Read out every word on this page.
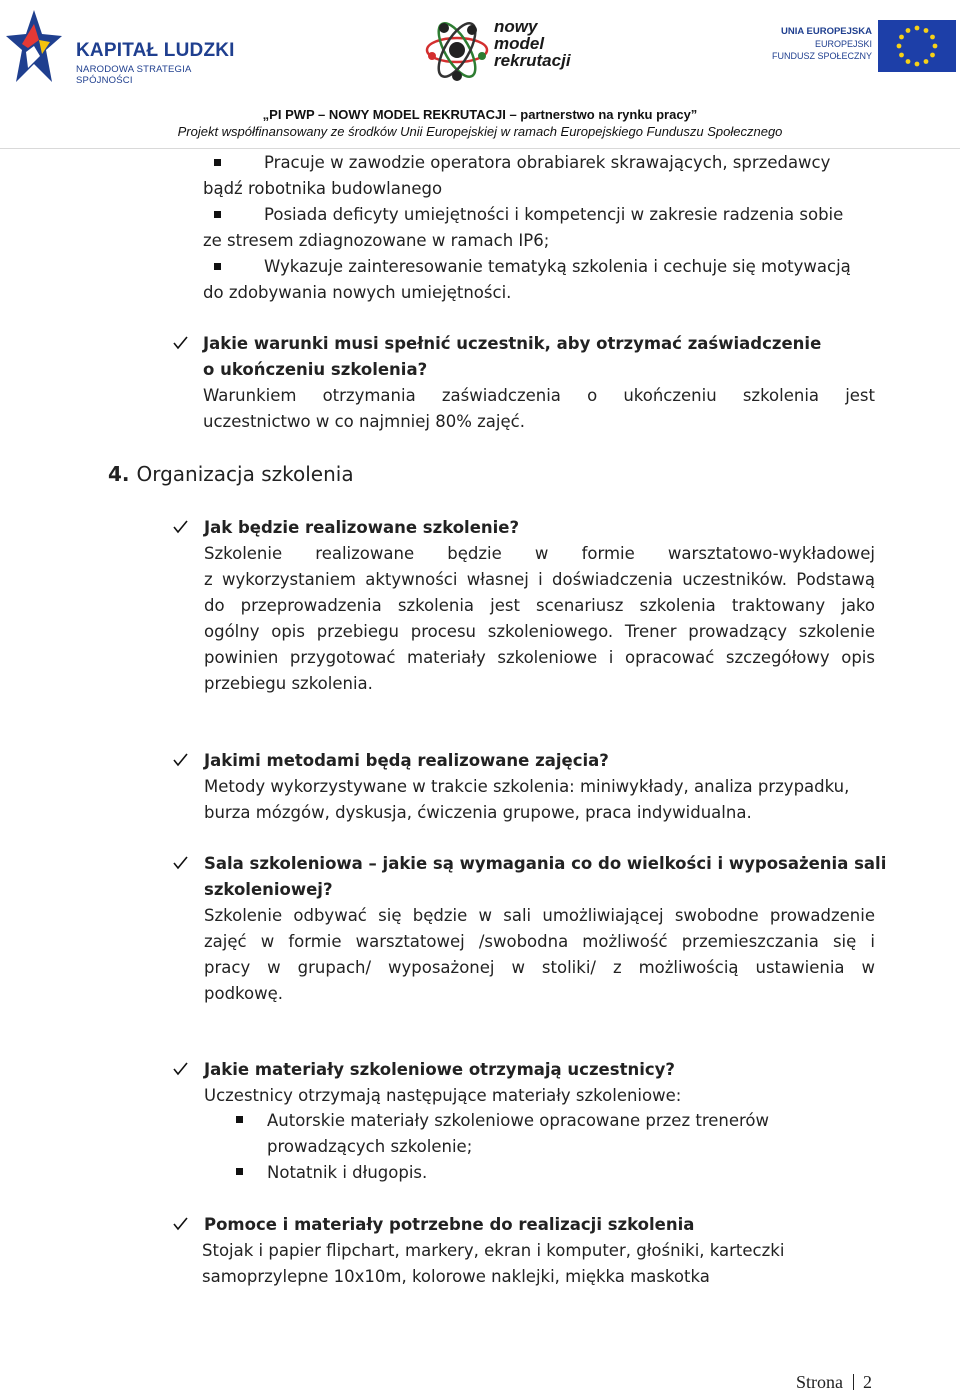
KAPITAŁ LUDZKI
NARODOWA STRATEGIA SPÓJNOŚCI
nowy
model
rekrutacji
UNIA EUROPEJSKA
EUROPEJSKI
FUNDUSZ SPOŁECZNY
„PI PWP – NOWY MODEL REKRUTACJI – partnerstwo na rynku pracy”
Projekt współfinansowany ze środków Unii Europejskiej w ramach Europejskiego Funduszu Społecznego
Pracuje w zawodzie operatora obrabiarek skrawających, sprzedawcy
bądź robotnika budowlanego
Posiada deficyty umiejętności i kompetencji w zakresie radzenia sobie
ze stresem zdiagnozowane w ramach IP6;
Wykazuje zainteresowanie tematyką szkolenia i cechuje się motywacją
do zdobywania nowych umiejętności.
Jakie warunki musi spełnić uczestnik, aby otrzymać zaświadczenie
o ukończeniu szkolenia?
Warunkiem otrzymania zaświadczenia o ukończeniu szkolenia jest
uczestnictwo w co najmniej 80% zajęć.
4. Organizacja szkolenia
Jak będzie realizowane szkolenie?
Szkolenie realizowane będzie w formie warsztatowo-wykładowej
z wykorzystaniem aktywności własnej i doświadczenia uczestników. Podstawą
do przeprowadzenia szkolenia jest scenariusz szkolenia traktowany jako
ogólny opis przebiegu procesu szkoleniowego. Trener prowadzący szkolenie
powinien przygotować materiały szkoleniowe i opracować szczegółowy opis
przebiegu szkolenia.
Jakimi metodami będą realizowane zajęcia?
Metody wykorzystywane w trakcie szkolenia: miniwykłady, analiza przypadku,
burza mózgów, dyskusja, ćwiczenia grupowe, praca indywidualna.
Sala szkoleniowa – jakie są wymagania co do wielkości i wyposażenia sali
szkoleniowej?
Szkolenie odbywać się będzie w sali umożliwiającej swobodne prowadzenie
zajęć w formie warsztatowej /swobodna możliwość przemieszczania się i
pracy w grupach/ wyposażonej w stoliki/ z możliwością ustawienia w
podkowę.
Jakie materiały szkoleniowe otrzymają uczestnicy?
Uczestnicy otrzymają następujące materiały szkoleniowe:
Autorskie materiały szkoleniowe opracowane przez trenerów
prowadzących szkolenie;
Notatnik i długopis.
Pomoce i materiały potrzebne do realizacji szkolenia
Stojak i papier flipchart, markery, ekran i komputer, głośniki, karteczki
samoprzylepne 10x10m, kolorowe naklejki, miękka maskotka
Strona 2
